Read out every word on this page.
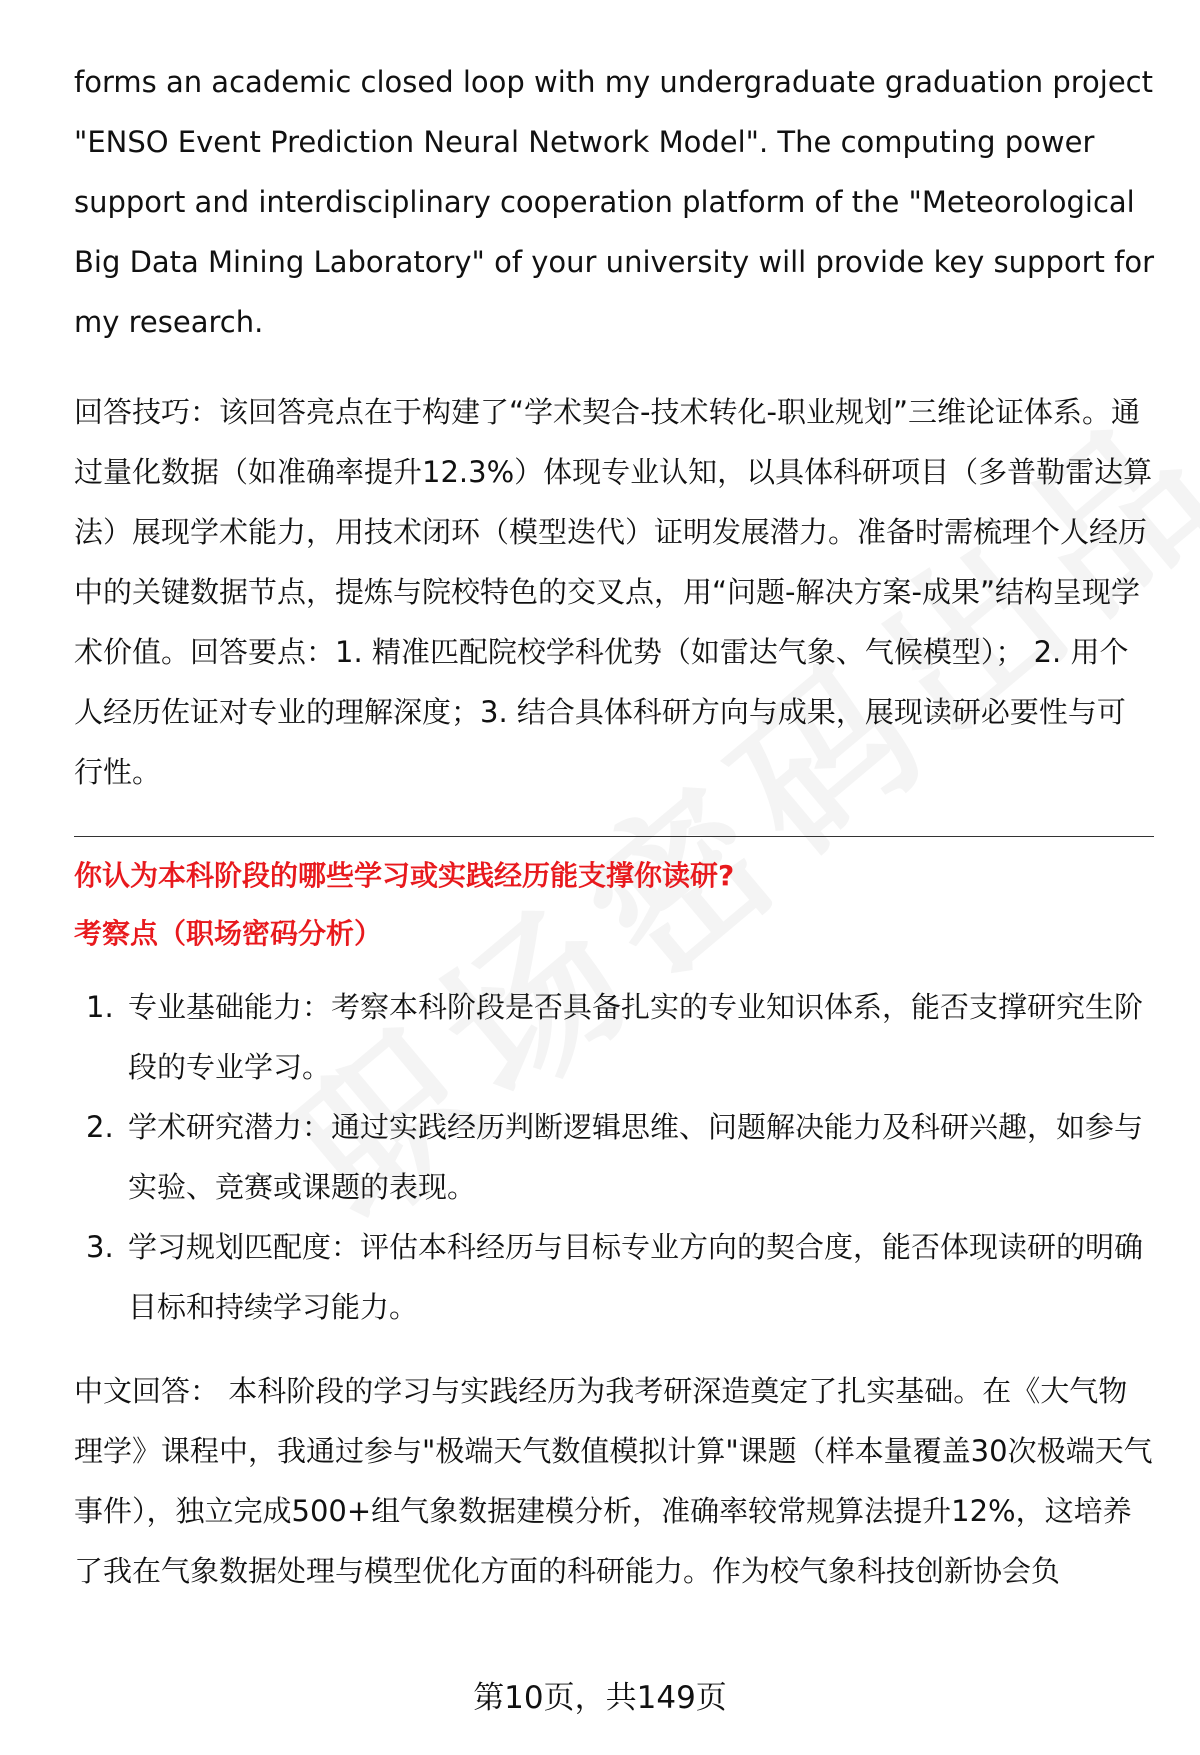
forms an academic closed loop with my undergraduate graduation project "ENSO Event Prediction Neural Network Model". The computing power support and interdisciplinary cooperation platform of the "Meteorological Big Data Mining Laboratory" of your university will provide key support for my research.

回答技巧：该回答亮点在于构建了“学术契合-技术转化-职业规划”三维论证体系。通过量化数据（如准确率提升12.3%）体现专业认知，以具体科研项目（多普勒雷达算法）展现学术能力，用技术闭环（模型迭代）证明发展潜力。准备时需梳理个人经历中的关键数据节点，提炼与院校特色的交叉点，用“问题-解决方案-成果”结构呈现学术价值。回答要点：1. 精准匹配院校学科优势（如雷达气象、气候模型）； 2. 用个人经历佐证对专业的理解深度；3. 结合具体科研方向与成果，展现读研必要性与可行性。

你认为本科阶段的哪些学习或实践经历能支撑你读研?

考察点（职场密码分析）

1. 专业基础能力：考察本科阶段是否具备扎实的专业知识体系，能否支撑研究生阶段的专业学习。
2. 学术研究潜力：通过实践经历判断逻辑思维、问题解决能力及科研兴趣，如参与实验、竞赛或课题的表现。
3. 学习规划匹配度：评估本科经历与目标专业方向的契合度，能否体现读研的明确目标和持续学习能力。

中文回答： 本科阶段的学习与实践经历为我考研深造奠定了扎实基础。在《大气物理学》课程中，我通过参与"极端天气数值模拟计算"课题（样本量覆盖30次极端天气事件），独立完成500+组气象数据建模分析，准确率较常规算法提升12%，这培养了我在气象数据处理与模型优化方面的科研能力。作为校气象科技创新协会负

第10页，共149页
